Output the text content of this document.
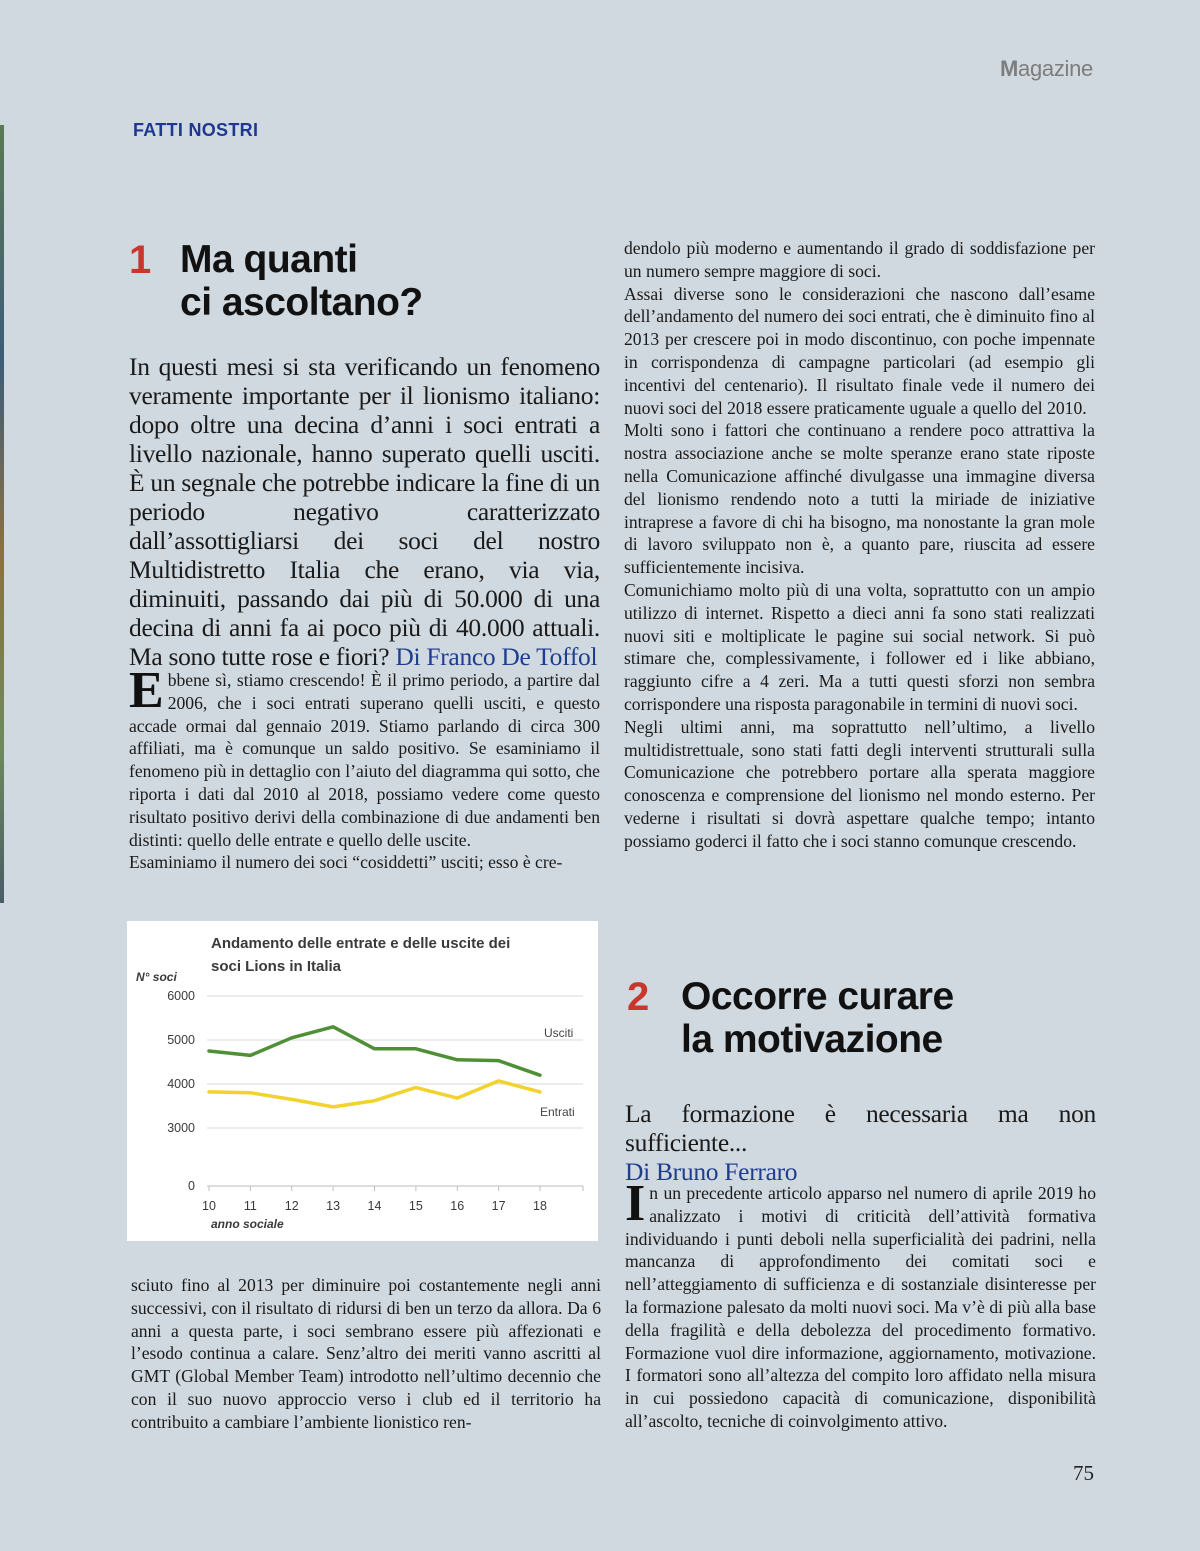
Magazine
FATTI NOSTRI
1 Ma quanti
ci ascoltano?

In questi mesi si sta verificando un fenomeno veramente importante per il lionismo italiano: dopo oltre una decina d’anni i soci entrati a livello nazionale, hanno superato quelli usciti. È un segnale che potrebbe indicare la fine di un periodo negativo caratterizzato dall’assottigliarsi dei soci del nostro Multidistretto Italia che erano, via via, diminuiti, passando dai più di 50.000 di una decina di anni fa ai poco più di 40.000 attuali. Ma sono tutte rose e fiori? Di Franco De Toffol

Ebbene sì, stiamo crescendo! È il primo periodo, a partire dal 2006, che i soci entrati superano quelli usciti, e questo accade ormai dal gennaio 2019. Stiamo parlando di circa 300 affiliati, ma è comunque un saldo positivo. Se esaminiamo il fenomeno più in dettaglio con l’aiuto del diagramma qui sotto, che riporta i dati dal 2010 al 2018, possiamo vedere come questo risultato positivo derivi della combinazione di due andamenti ben distinti: quello delle entrate e quello delle uscite.

Esaminiamo il numero dei soci “cosiddetti” usciti; esso è cre-

Andamento delle entrate e delle uscite dei
soci Lions in Italia
N° soci
anno sociale
0
3000
4000
5000
6000
10 11 12 13 14 15 16 17 18
Usciti
Entrati

sciuto fino al 2013 per diminuire poi costantemente negli anni successivi, con il risultato di ridursi di ben un terzo da allora. Da 6 anni a questa parte, i soci sembrano essere più affezionati e l’esodo continua a calare. Senz’altro dei meriti vanno ascritti al GMT (Global Member Team) introdotto nell’ultimo decennio che con il suo nuovo approccio verso i club ed il territorio ha contribuito a cambiare l’ambiente lionistico ren-

dendolo più moderno e aumentando il grado di soddisfazione per un numero sempre maggiore di soci.

Assai diverse sono le considerazioni che nascono dall’esame dell’andamento del numero dei soci entrati, che è diminuito fino al 2013 per crescere poi in modo discontinuo, con poche impennate in corrispondenza di campagne particolari (ad esempio gli incentivi del centenario). Il risultato finale vede il numero dei nuovi soci del 2018 essere praticamente uguale a quello del 2010.

Molti sono i fattori che continuano a rendere poco attrattiva la nostra associazione anche se molte speranze erano state riposte nella Comunicazione affinché divulgasse una immagine diversa del lionismo rendendo noto a tutti la miriade de iniziative intraprese a favore di chi ha bisogno, ma nonostante la gran mole di lavoro sviluppato non è, a quanto pare, riuscita ad essere sufficientemente incisiva.

Comunichiamo molto più di una volta, soprattutto con un ampio utilizzo di internet. Rispetto a dieci anni fa sono stati realizzati nuovi siti e moltiplicate le pagine sui social network. Si può stimare che, complessivamente, i follower ed i like abbiano, raggiunto cifre a 4 zeri. Ma a tutti questi sforzi non sembra corrispondere una risposta paragonabile in termini di nuovi soci.

Negli ultimi anni, ma soprattutto nell’ultimo, a livello multidistrettuale, sono stati fatti degli interventi strutturali sulla Comunicazione che potrebbero portare alla sperata maggiore conoscenza e comprensione del lionismo nel mondo esterno. Per vederne i risultati si dovrà aspettare qualche tempo; intanto possiamo goderci il fatto che i soci stanno comunque crescendo.

2 Occorre curare
la motivazione

La formazione è necessaria ma non sufficiente...
Di Bruno Ferraro

In un precedente articolo apparso nel numero di aprile 2019 ho analizzato i motivi di criticità dell’attività formativa individuando i punti deboli nella superficialità dei padrini, nella mancanza di approfondimento dei comitati soci e nell’atteggiamento di sufficienza e di sostanziale disinteresse per la formazione palesato da molti nuovi soci. Ma v’è di più alla base della fragilità e della debolezza del procedimento formativo. Formazione vuol dire informazione, aggiornamento, motivazione. I formatori sono all’altezza del compito loro affidato nella misura in cui possiedono capacità di comunicazione, disponibilità all’ascolto, tecniche di coinvolgimento attivo.

75
